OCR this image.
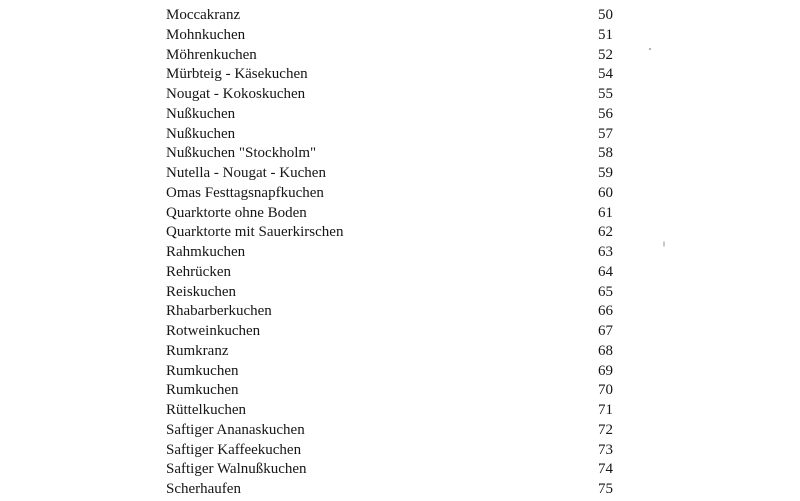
Moccakranz	50
Mohnkuchen	51
Möhrenkuchen	52
Mürbteig - Käsekuchen	54
Nougat - Kokoskuchen	55
Nußkuchen	56
Nußkuchen	57
Nußkuchen "Stockholm"	58
Nutella - Nougat - Kuchen	59
Omas Festtagsnapfkuchen	60
Quarktorte ohne Boden	61
Quarktorte mit Sauerkirschen	62
Rahmkuchen	63
Rehrücken	64
Reiskuchen	65
Rhabarberkuchen	66
Rotweinkuchen	67
Rumkranz	68
Rumkuchen	69
Rumkuchen	70
Rüttelkuchen	71
Saftiger Ananaskuchen	72
Saftiger Kaffeekuchen	73
Saftiger Walnußkuchen	74
Scherhaufen	75
